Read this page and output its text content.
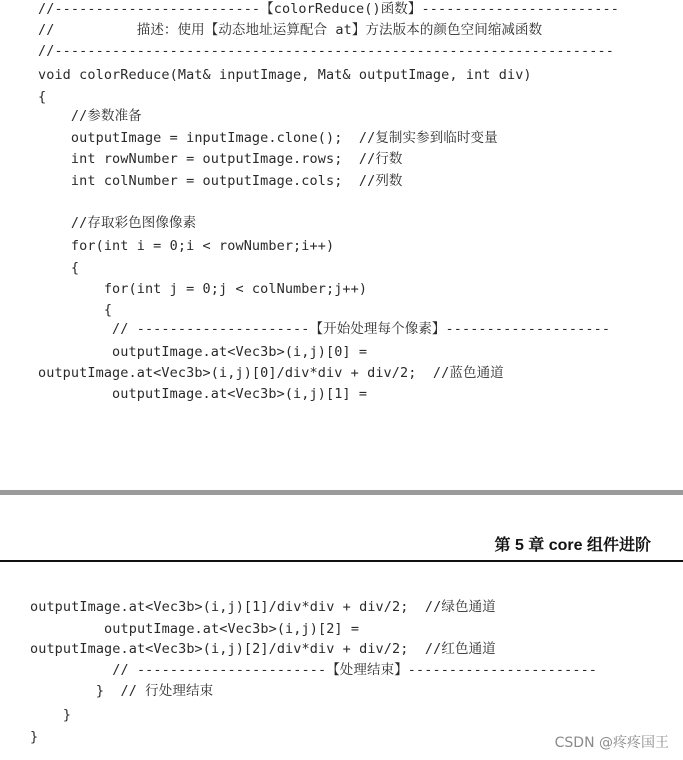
//-------------------------【colorReduce()函数】------------------------
//          描述：使用【动态地址运算配合 at】方法版本的颜色空间缩减函数
//--------------------------------------------------------------------
void colorReduce(Mat& inputImage, Mat& outputImage, int div)
{
//参数准备
outputImage = inputImage.clone();  //复制实参到临时变量
int rowNumber = outputImage.rows;  //行数
int colNumber = outputImage.cols;  //列数
//存取彩色图像像素
for(int i = 0;i < rowNumber;i++)
{
for(int j = 0;j < colNumber;j++)
{
// ---------------------【开始处理每个像素】--------------------
outputImage.at<Vec3b>(i,j)[0] =
outputImage.at<Vec3b>(i,j)[0]/div*div + div/2;  //蓝色通道
outputImage.at<Vec3b>(i,j)[1] =
第 5 章 core 组件进阶
outputImage.at<Vec3b>(i,j)[1]/div*div + div/2;  //绿色通道
outputImage.at<Vec3b>(i,j)[2] =
outputImage.at<Vec3b>(i,j)[2]/div*div + div/2;  //红色通道
// -----------------------【处理结束】-----------------------
}  // 行处理结束
}
}	CSDN @疼疼国王
